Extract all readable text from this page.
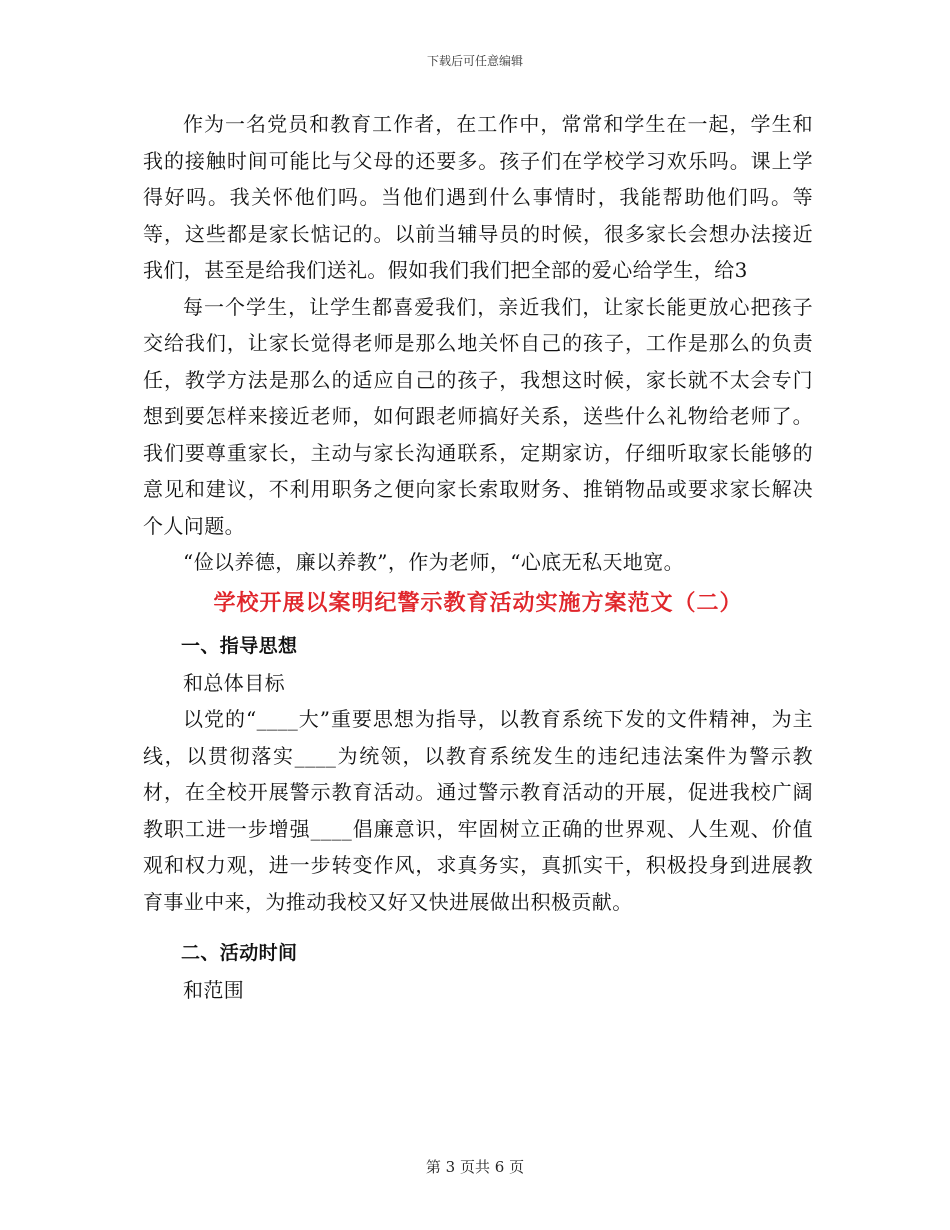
下载后可任意编辑

作为一名党员和教育工作者，在工作中，常常和学生在一起，学生和我的接触时间可能比与父母的还要多。孩子们在学校学习欢乐吗。课上学得好吗。我关怀他们吗。当他们遇到什么事情时，我能帮助他们吗。等等，这些都是家长惦记的。以前当辅导员的时候，很多家长会想办法接近我们，甚至是给我们送礼。假如我们我们把全部的爱心给学生，给3

每一个学生，让学生都喜爱我们，亲近我们，让家长能更放心把孩子交给我们，让家长觉得老师是那么地关怀自己的孩子，工作是那么的负责任，教学方法是那么的适应自己的孩子，我想这时候，家长就不太会专门想到要怎样来接近老师，如何跟老师搞好关系，送些什么礼物给老师了。我们要尊重家长，主动与家长沟通联系，定期家访，仔细听取家长能够的意见和建议，不利用职务之便向家长索取财务、推销物品或要求家长解决个人问题。

“俭以养德，廉以养教”，作为老师，“心底无私天地宽。

学校开展以案明纪警示教育活动实施方案范文（二）

一、指导思想

和总体目标

以党的“____大”重要思想为指导，以教育系统下发的文件精神，为主线，以贯彻落实____为统领，以教育系统发生的违纪违法案件为警示教材，在全校开展警示教育活动。通过警示教育活动的开展，促进我校广阔教职工进一步增强____倡廉意识，牢固树立正确的世界观、人生观、价值观和权力观，进一步转变作风，求真务实，真抓实干，积极投身到进展教育事业中来，为推动我校又好又快进展做出积极贡献。

二、活动时间

和范围

第 3 页共 6 页
